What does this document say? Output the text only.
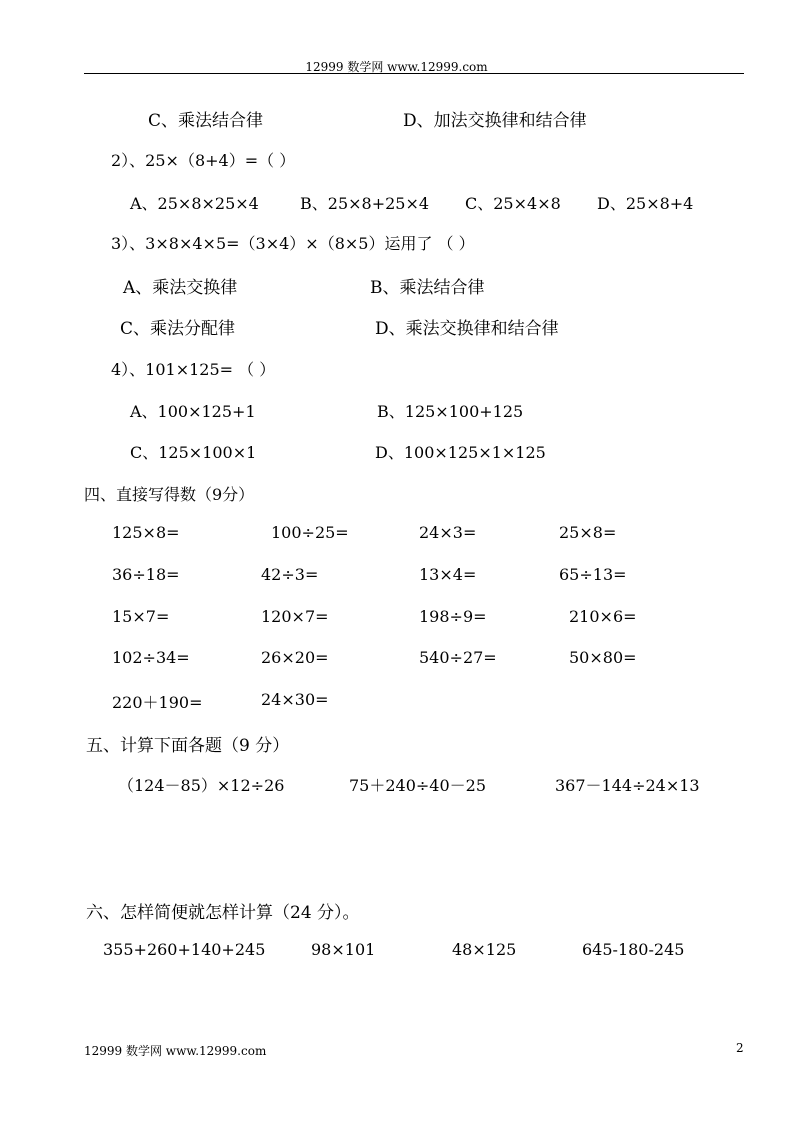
12999 数学网 www.12999.com
C、乘法结合律	D、加法交换律和结合律
2）、25×（8+4）=（ ）
A、25×8×25×4	B、25×8+25×4 C、25×4×8 D、25×8+4
3）、3×8×4×5=（3×4）×（8×5）运用了 （ ）
A、乘法交换律	B、乘法结合律
C、乘法分配律	D、乘法交换律和结合律
4）、101×125= （ ）
A、100×125+1	B、125×100+125
C、125×100×1	D、100×125×1×125
四、直接写得数（9分）
125×8=	100÷25=	24×3=	25×8=
36÷18=	42÷3=	13×4=	65÷13=
15×7=	120×7=	198÷9=	210×6=
102÷34=	26×20=	540÷27=	50×80=
220＋190=	24×30=
五、计算下面各题（9 分）
（124－85）×12÷26	75＋240÷40－25	367－144÷24×13
六、怎样简便就怎样计算（24 分）。
355+260+140+245	98×101	48×125	645-180-245
12999 数学网 www.12999.com	2
